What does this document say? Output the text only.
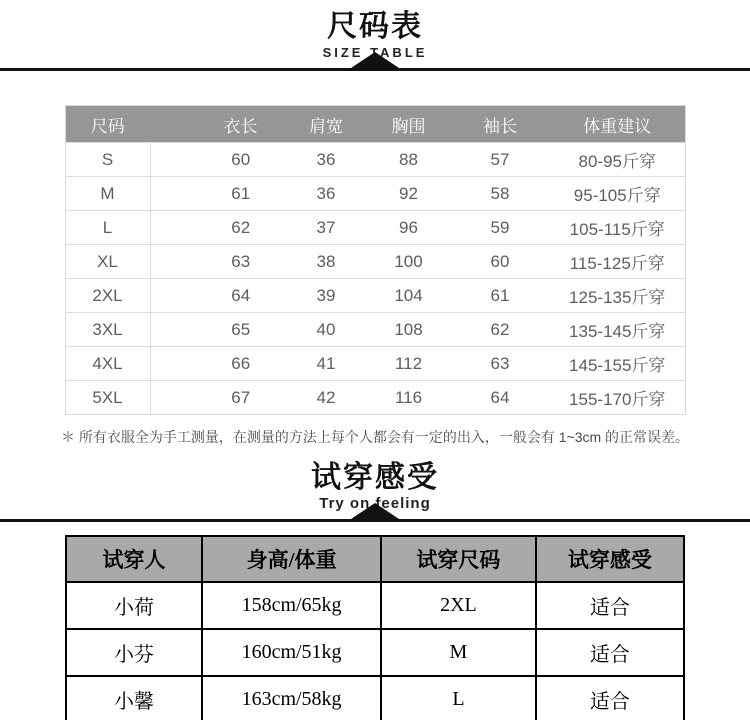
尺码表
SIZE TABLE
尺码	衣长	肩宽	胸围	袖长	体重建议
S	60	36	88	57	80-95斤穿
M	61	36	92	58	95-105斤穿
L	62	37	96	59	105-115斤穿
XL	63	38	100	60	115-125斤穿
2XL	64	39	104	61	125-135斤穿
3XL	65	40	108	62	135-145斤穿
4XL	66	41	112	63	145-155斤穿
5XL	67	42	116	64	155-170斤穿

＊ 所有衣服全为手工测量，在测量的方法上每个人都会有一定的出入，一般会有 1~3cm 的正常误差。

试穿感受
Try on feeling
试穿人	身高/体重	试穿尺码	试穿感受
小荷	158cm/65kg	2XL	适合
小芬	160cm/51kg	M	适合
小馨	163cm/58kg	L	适合
